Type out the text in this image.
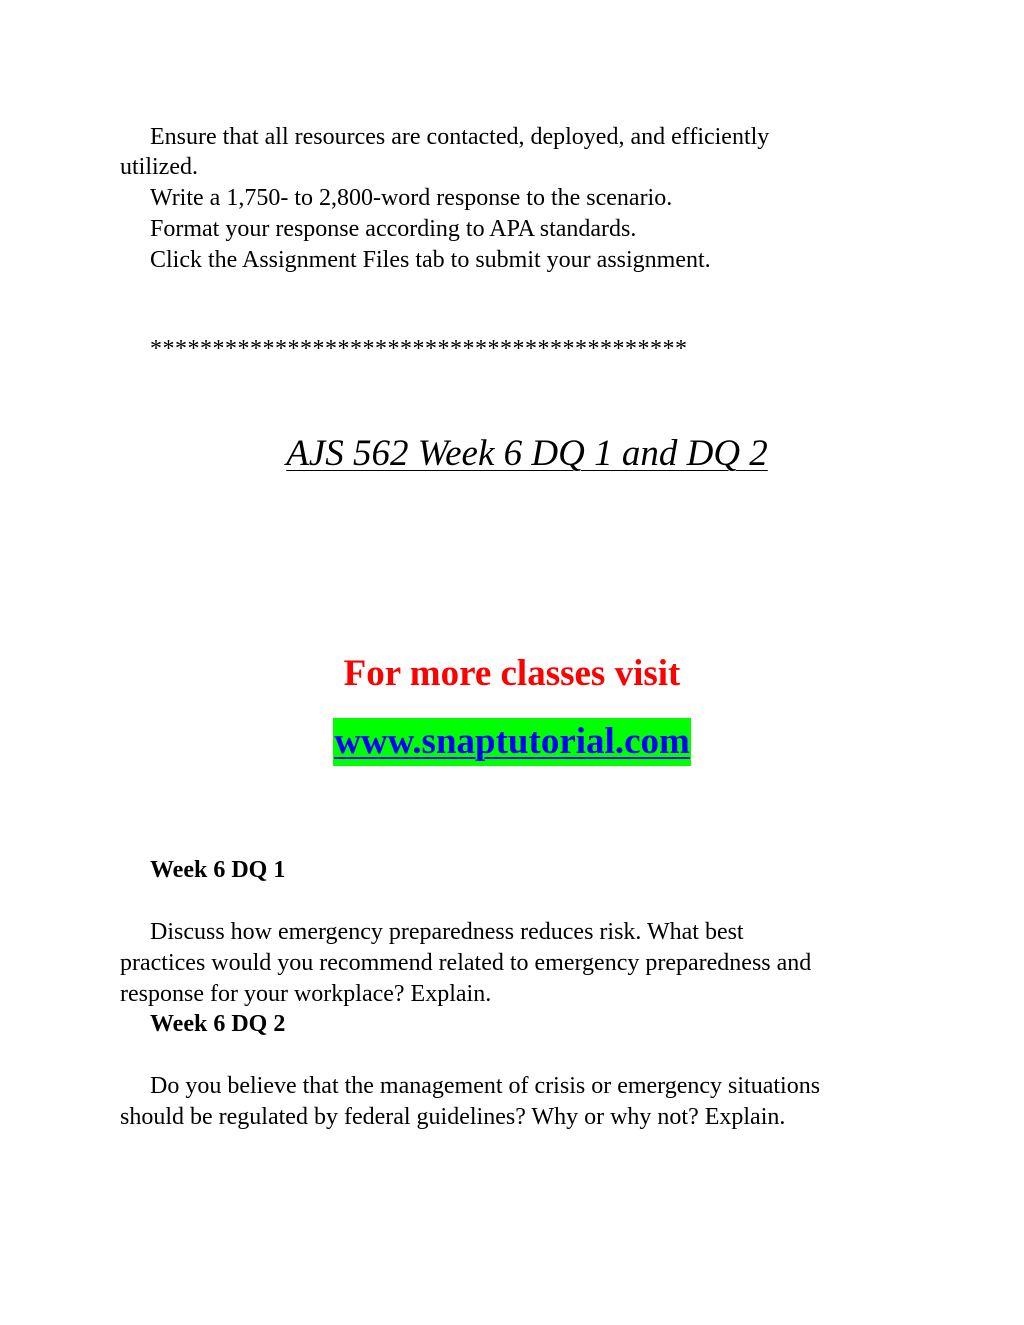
Ensure that all resources are contacted, deployed, and efficiently
utilized.
Write a 1,750- to 2,800-word response to the scenario.
Format your response according to APA standards.
Click the Assignment Files tab to submit your assignment.
*******************************************
AJS 562 Week 6 DQ 1 and DQ 2
For more classes visit
www.snaptutorial.com
Week 6 DQ 1
Discuss how emergency preparedness reduces risk. What best
practices would you recommend related to emergency preparedness and
response for your workplace? Explain.
Week 6 DQ 2
Do you believe that the management of crisis or emergency situations
should be regulated by federal guidelines? Why or why not? Explain.
